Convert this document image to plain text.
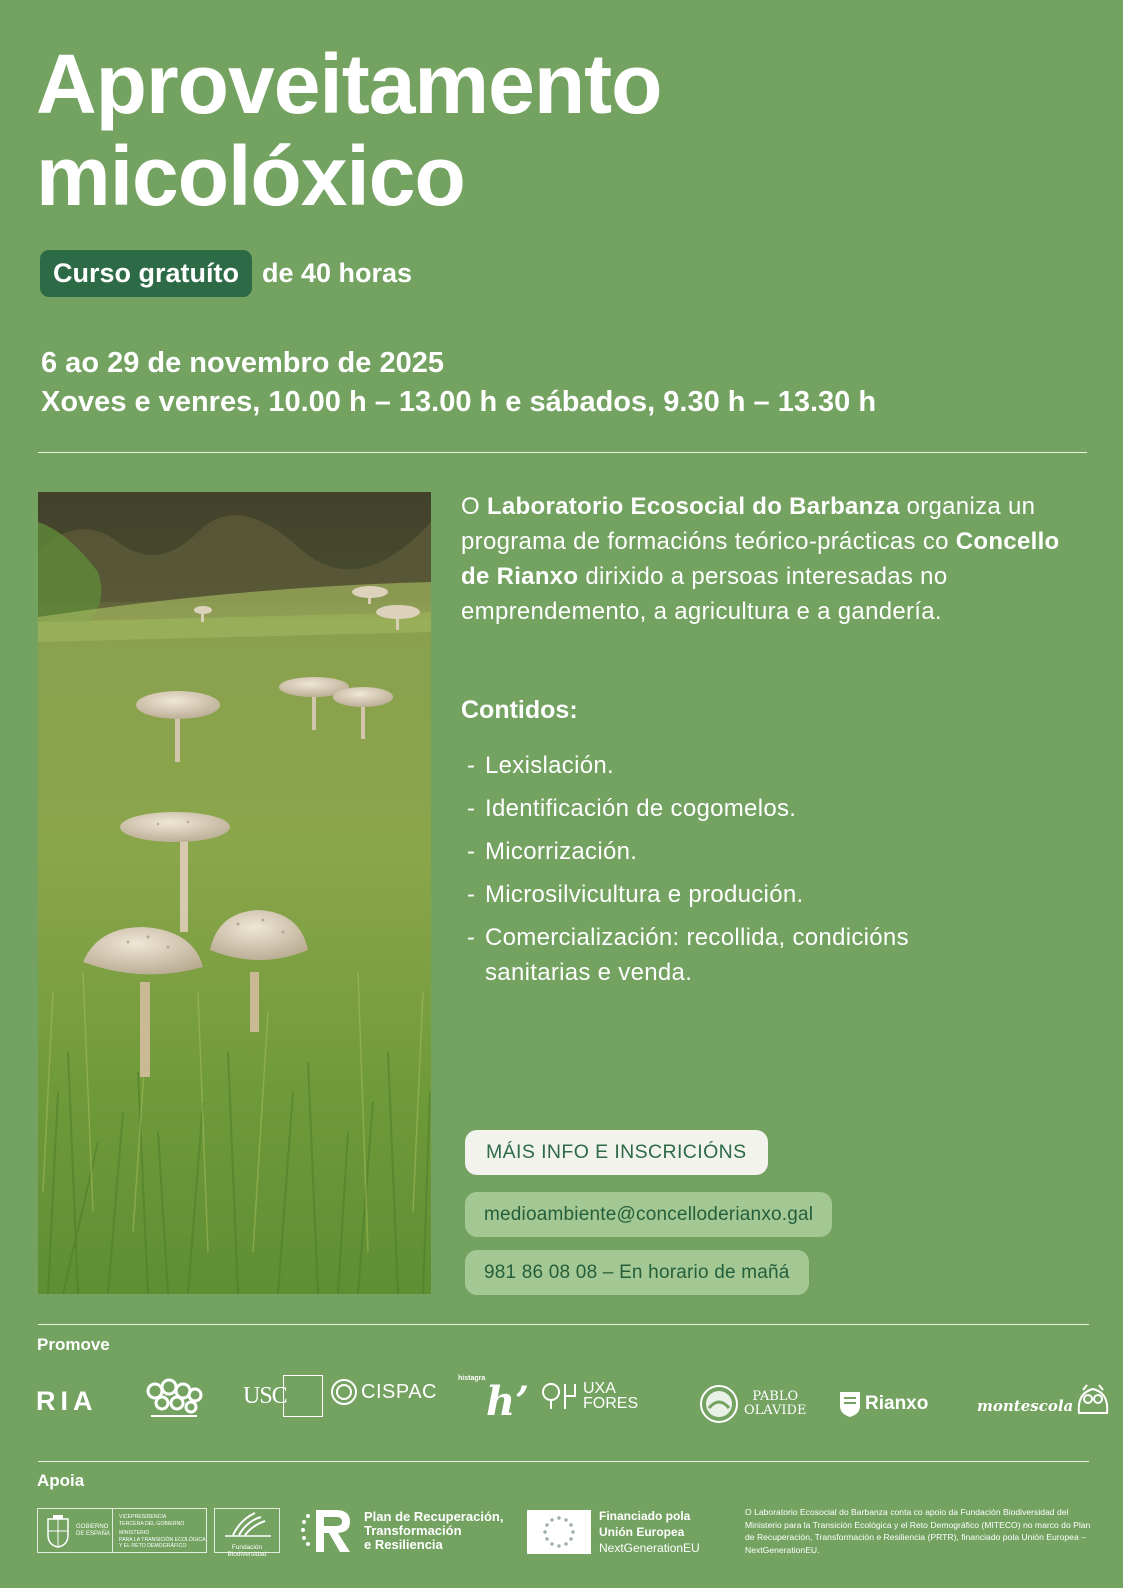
Aproveitamento
micolóxico
Curso gratuíto de 40 horas
6 ao 29 de novembro de 2025
Xoves e venres, 10.00 h – 13.00 h e sábados, 9.30 h – 13.30 h

O Laboratorio Ecosocial do Barbanza organiza un programa de formacións teórico-prácticas co Concello de Rianxo dirixido a persoas interesadas no emprendemento, a agricultura e a gandería.

Contidos:
- Lexislación.
- Identificación de cogomelos.
- Micorrización.
- Microsilvicultura e produción.
- Comercialización: recollida, condicións sanitarias e venda.
MÁIS INFO E INSCRICIÓNS
medioambiente@concelloderianxo.gal
981 86 08 08 – En horario de mañá
Promove
RIA	USC	CISPAC
histagra h’	UXA
FORES	PABLO
OLAVIDE	Rianxo	montescola
Apoia
GOBIERNO
DE ESPAÑA
VICEPRESIDENCIA
TERCERA DEL GOBIERNO
MINISTERIO
PARA LA TRANSICIÓN ECOLÓGICA
Y EL RETO DEMOGRÁFICO	Fundación Biodiversidad
Plan de Recuperación,
Transformación
e Resiliencia
Financiado pola
Unión Europea
NextGenerationEU
O Laboratorio Ecosocial do Barbanza conta co apoio da Fundación Biodiversidad del Ministerio para la Transición Ecológica y el Reto Demográfico (MITECO) no marco do Plan de Recuperación, Transformación e Resiliencia (PRTR), financiado pola Unión Europea – NextGenerationEU.
